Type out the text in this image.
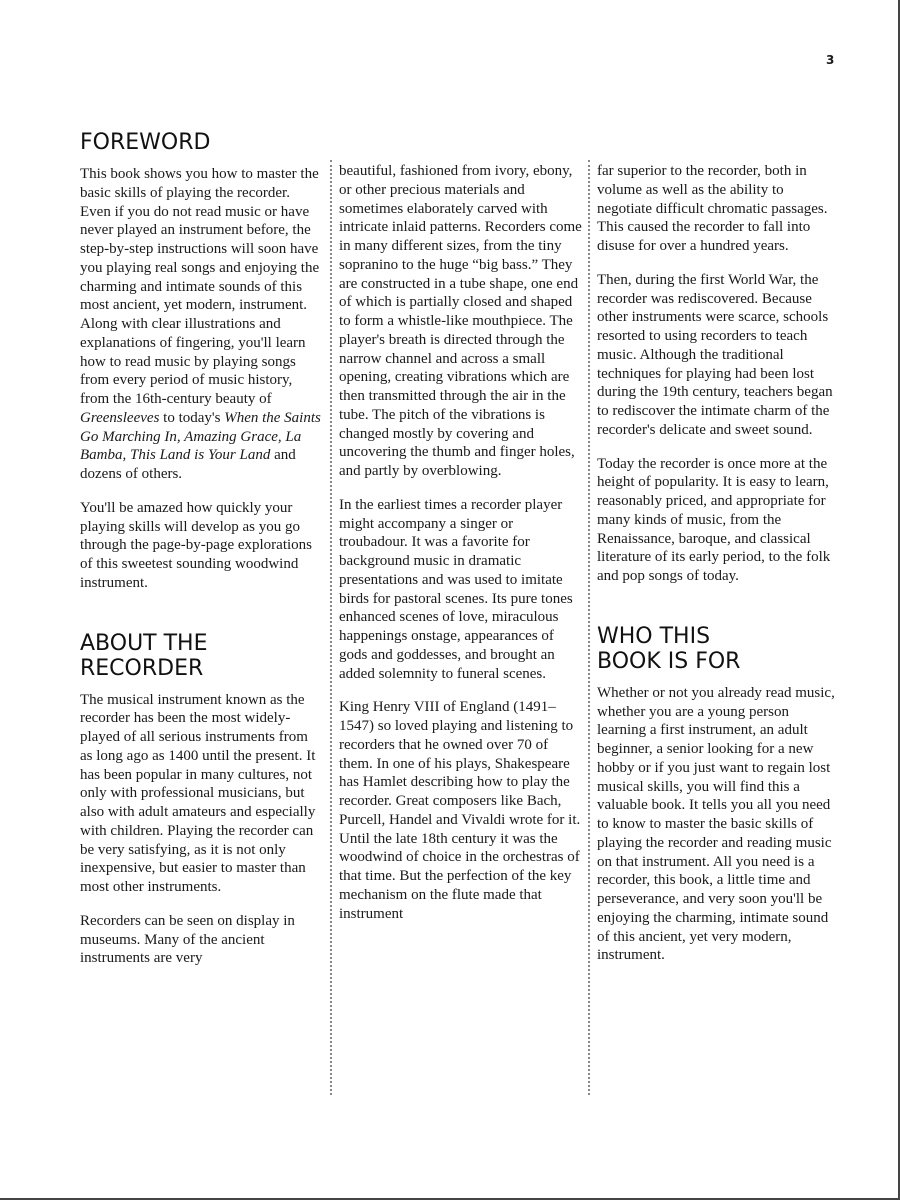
3
FOREWORD

This book shows you how to master the basic skills of playing the recorder. Even if you do not read music or have never played an instrument before, the step-by-step instructions will soon have you playing real songs and enjoying the charming and intimate sounds of this most ancient, yet modern, instrument. Along with clear illustrations and explanations of fingering, you'll learn how to read music by playing songs from every period of music history, from the 16th-century beauty of Greensleeves to today's When the Saints Go Marching In, Amazing Grace, La Bamba, This Land is Your Land and dozens of others.

You'll be amazed how quickly your playing skills will develop as you go through the page-by-page explorations of this sweetest sounding woodwind instrument.

ABOUT THE
RECORDER

The musical instrument known as the recorder has been the most widely-played of all serious instruments from as long ago as 1400 until the present. It has been popular in many cultures, not only with professional musicians, but also with adult amateurs and especially with children. Playing the recorder can be very satisfying, as it is not only inexpensive, but easier to master than most other instruments.

Recorders can be seen on display in museums. Many of the ancient instruments are very

beautiful, fashioned from ivory, ebony, or other precious materials and sometimes elaborately carved with intricate inlaid patterns. Recorders come in many different sizes, from the tiny sopranino to the huge “big bass.” They are constructed in a tube shape, one end of which is partially closed and shaped to form a whistle-like mouthpiece. The player's breath is directed through the narrow channel and across a small opening, creating vibrations which are then transmitted through the air in the tube. The pitch of the vibrations is changed mostly by covering and uncovering the thumb and finger holes, and partly by overblowing.

In the earliest times a recorder player might accompany a singer or troubadour. It was a favorite for background music in dramatic presentations and was used to imitate birds for pastoral scenes. Its pure tones enhanced scenes of love, miraculous happenings onstage, appearances of gods and goddesses, and brought an added solemnity to funeral scenes.

King Henry VIII of England (1491–1547) so loved playing and listening to recorders that he owned over 70 of them. In one of his plays, Shakespeare has Hamlet describing how to play the recorder. Great composers like Bach, Purcell, Handel and Vivaldi wrote for it. Until the late 18th century it was the woodwind of choice in the orchestras of that time. But the perfection of the key mechanism on the flute made that instrument

far superior to the recorder, both in volume as well as the ability to negotiate difficult chromatic passages. This caused the recorder to fall into disuse for over a hundred years.

Then, during the first World War, the recorder was rediscovered. Because other instruments were scarce, schools resorted to using recorders to teach music. Although the traditional techniques for playing had been lost during the 19th century, teachers began to rediscover the intimate charm of the recorder's delicate and sweet sound.

Today the recorder is once more at the height of popularity. It is easy to learn, reasonably priced, and appropriate for many kinds of music, from the Renaissance, baroque, and classical literature of its early period, to the folk and pop songs of today.

WHO THIS
BOOK IS FOR

Whether or not you already read music, whether you are a young person learning a first instrument, an adult beginner, a senior looking for a new hobby or if you just want to regain lost musical skills, you will find this a valuable book. It tells you all you need to know to master the basic skills of playing the recorder and reading music on that instrument. All you need is a recorder, this book, a little time and perseverance, and very soon you'll be enjoying the charming, intimate sound of this ancient, yet very modern, instrument.
